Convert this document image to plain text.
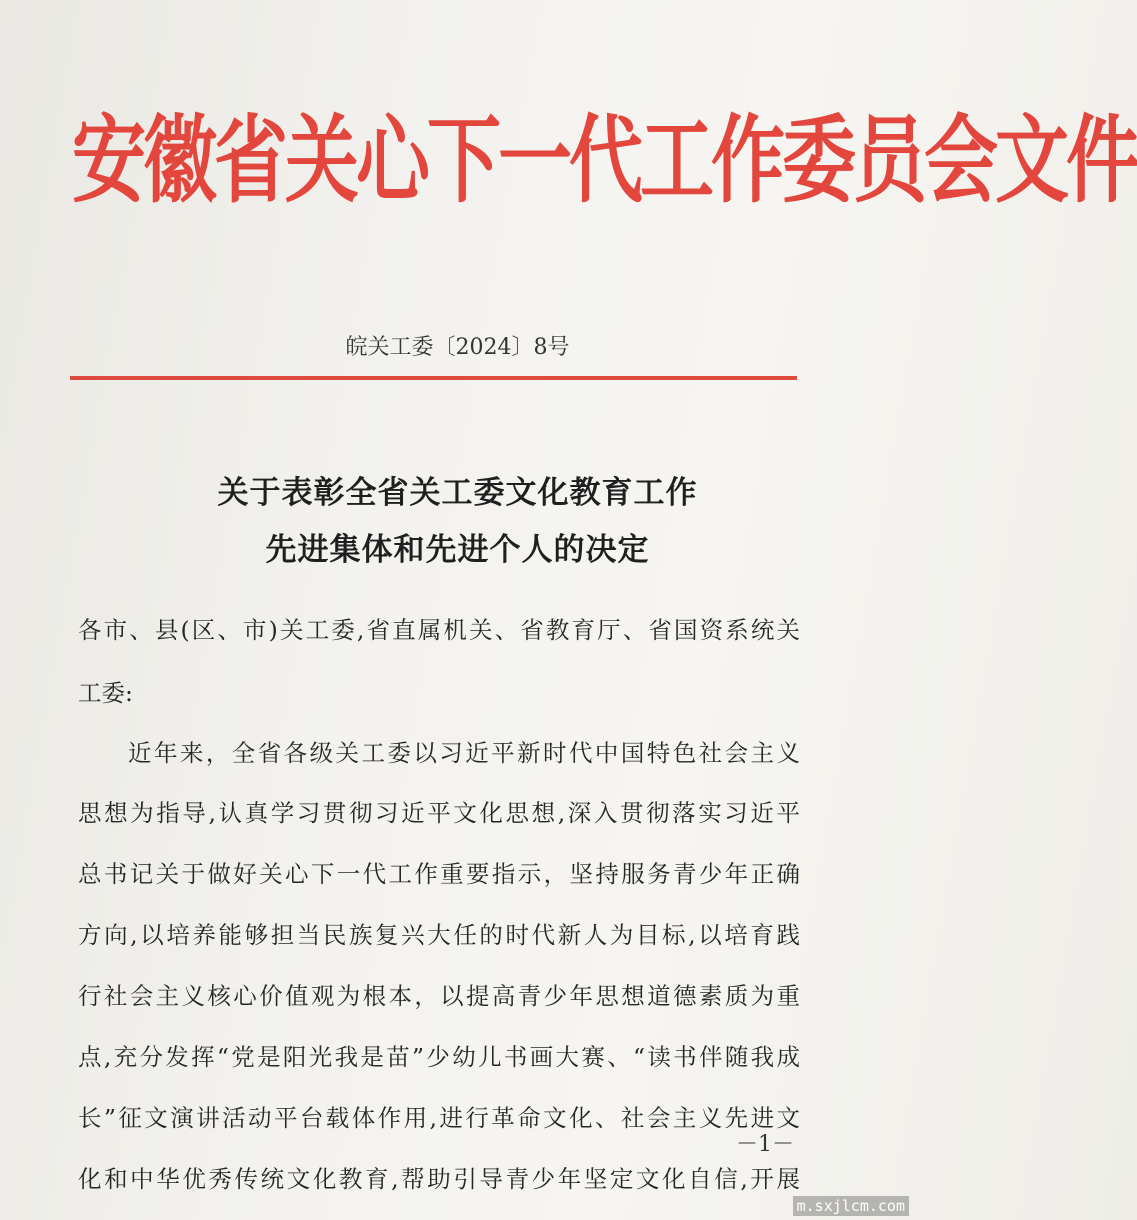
安徽省关心下一代工作委员会文件
皖关工委〔2024〕8号
关于表彰全省关工委文化教育工作
先进集体和先进个人的决定
各市、县(区、市)关工委,省直属机关、省教育厅、省国资系统关
工委:
近年来，全省各级关工委以习近平新时代中国特色社会主义
思想为指导,认真学习贯彻习近平文化思想,深入贯彻落实习近平
总书记关于做好关心下一代工作重要指示，坚持服务青少年正确
方向,以培养能够担当民族复兴大任的时代新人为目标,以培育践
行社会主义核心价值观为根本，以提高青少年思想道德素质为重
点,充分发挥“党是阳光我是苗”少幼儿书画大赛、“读书伴随我成
长”征文演讲活动平台载体作用,进行革命文化、社会主义先进文
化和中华优秀传统文化教育,帮助引导青少年坚定文化自信,开展
－1－
m.sxjlcm.com
